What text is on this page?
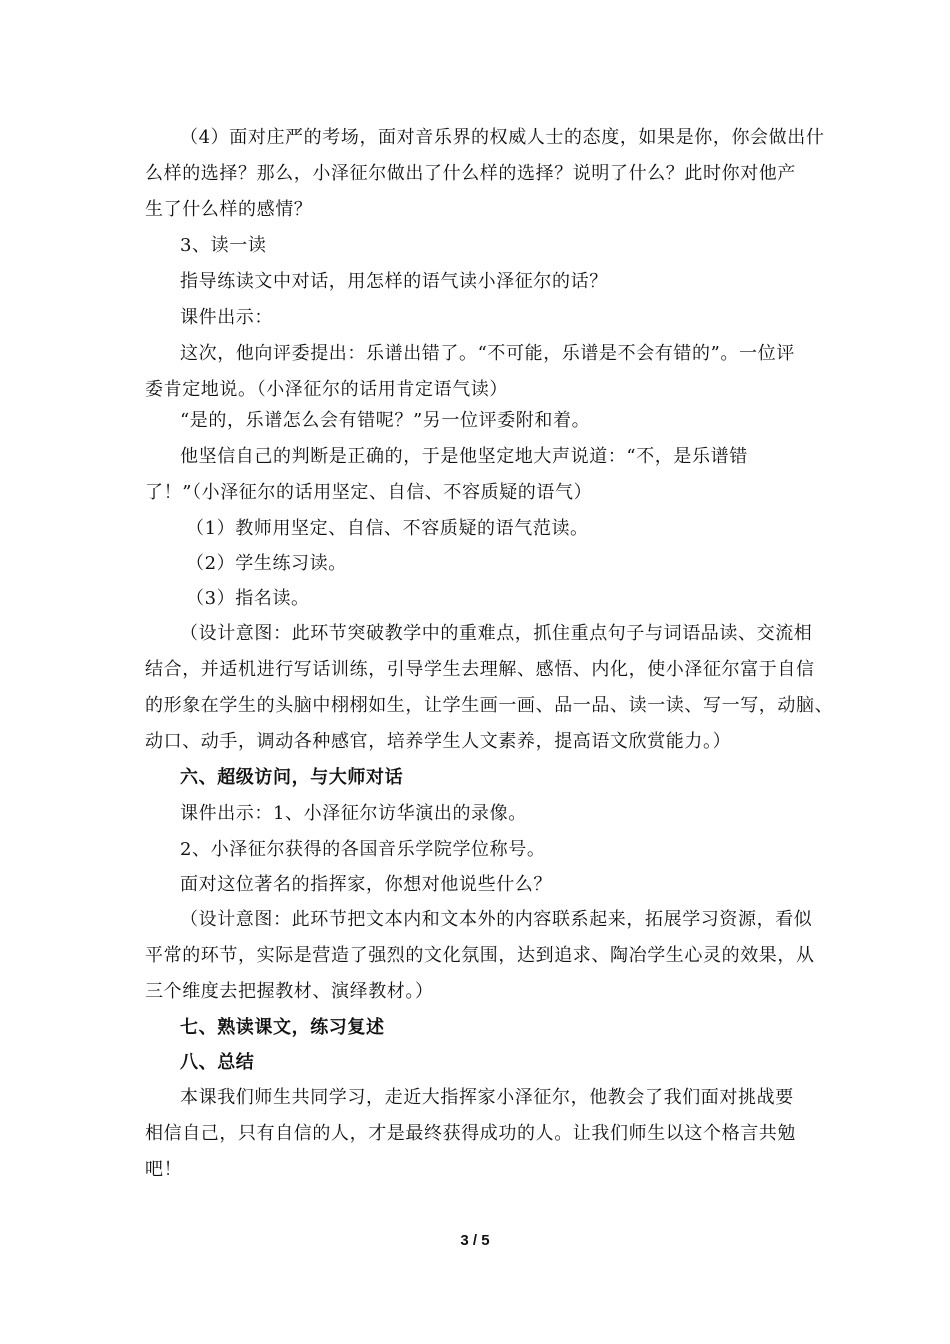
（4）面对庄严的考场，面对音乐界的权威人士的态度，如果是你，你会做出什
么样的选择？那么，小泽征尔做出了什么样的选择？说明了什么？此时你对他产
生了什么样的感情？
3、读一读
指导练读文中对话，用怎样的语气读小泽征尔的话？
课件出示：
这次，他向评委提出：乐谱出错了。“不可能，乐谱是不会有错的”。一位评
委肯定地说。（小泽征尔的话用肯定语气读）
“是的，乐谱怎么会有错呢？”另一位评委附和着。
他坚信自己的判断是正确的，于是他坚定地大声说道：“不，是乐谱错
了！”（小泽征尔的话用坚定、自信、不容质疑的语气）
（1）教师用坚定、自信、不容质疑的语气范读。
（2）学生练习读。
（3）指名读。
（设计意图：此环节突破教学中的重难点，抓住重点句子与词语品读、交流相
结合，并适机进行写话训练，引导学生去理解、感悟、内化，使小泽征尔富于自信
的形象在学生的头脑中栩栩如生，让学生画一画、品一品、读一读、写一写，动脑、
动口、动手，调动各种感官，培养学生人文素养，提高语文欣赏能力。）
六、超级访问，与大师对话
课件出示：1、小泽征尔访华演出的录像。
2、小泽征尔获得的各国音乐学院学位称号。
面对这位著名的指挥家，你想对他说些什么？
（设计意图：此环节把文本内和文本外的内容联系起来，拓展学习资源，看似
平常的环节，实际是营造了强烈的文化氛围，达到追求、陶冶学生心灵的效果，从
三个维度去把握教材、演绎教材。）
七、熟读课文，练习复述
八、总结
本课我们师生共同学习，走近大指挥家小泽征尔，他教会了我们面对挑战要
相信自己，只有自信的人，才是最终获得成功的人。让我们师生以这个格言共勉
吧！
3 / 5
